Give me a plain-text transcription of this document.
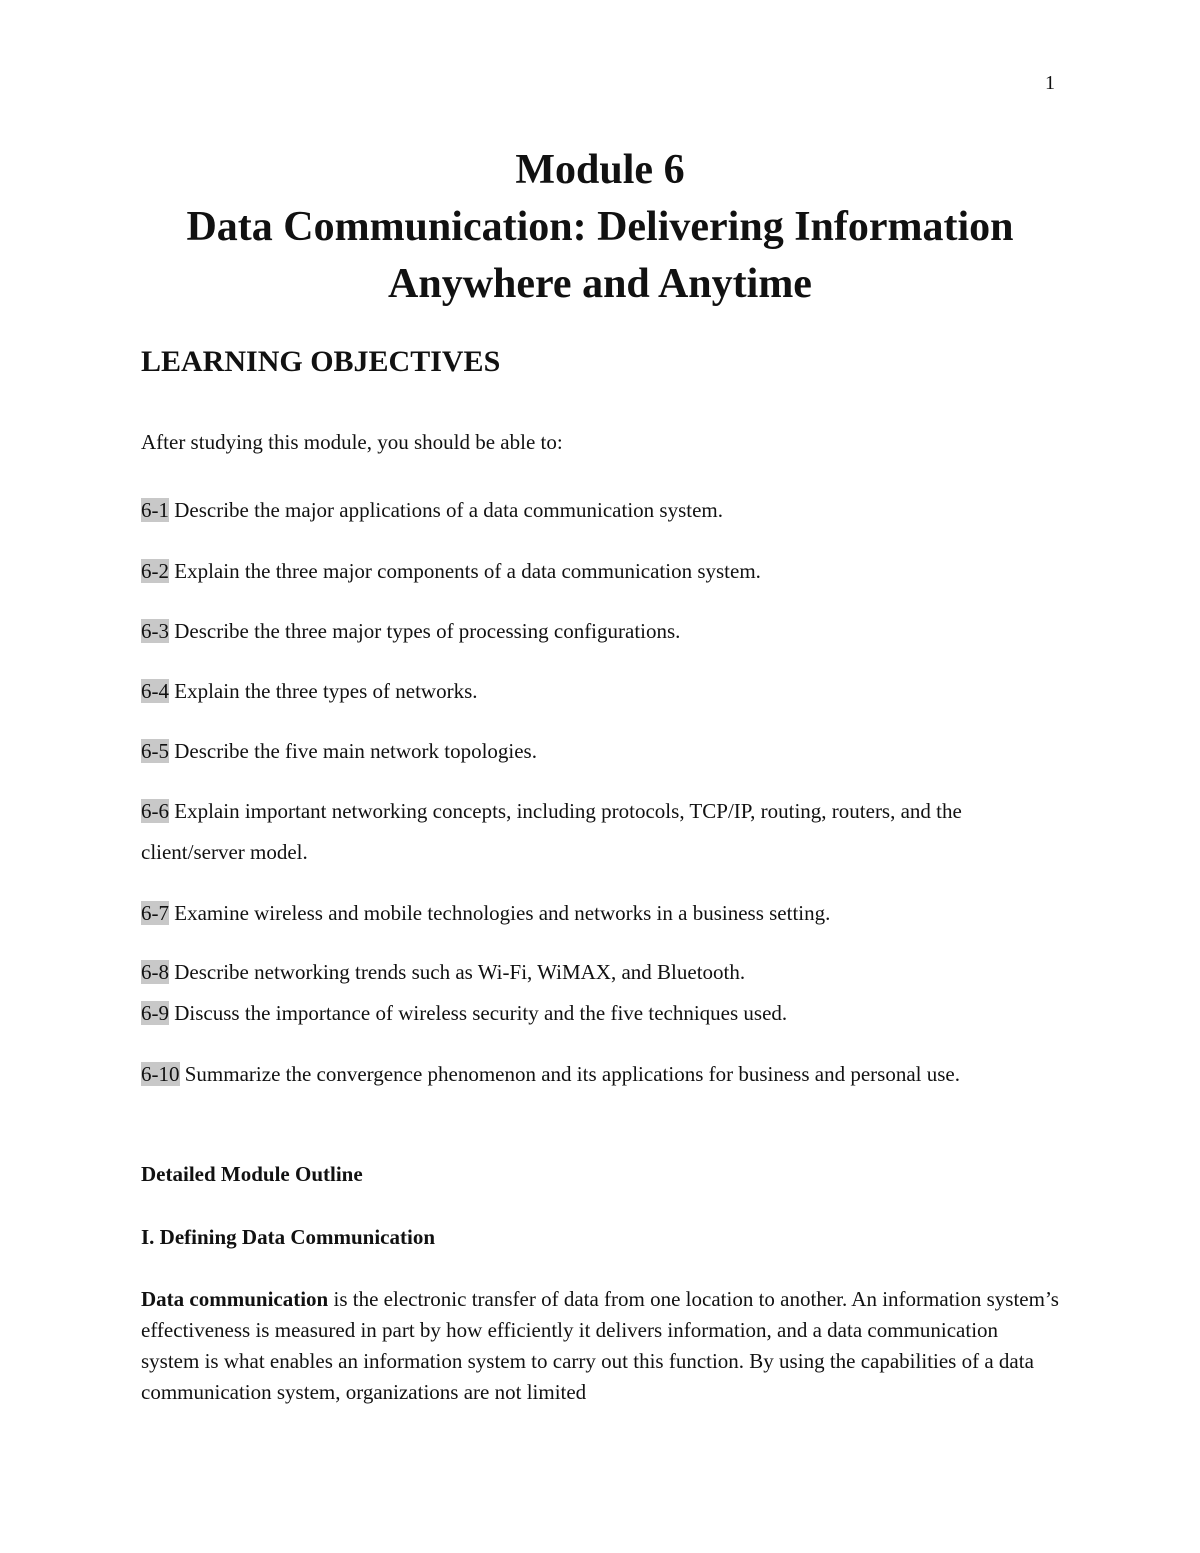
1
Module 6
Data Communication: Delivering Information
Anywhere and Anytime
LEARNING OBJECTIVES
After studying this module, you should be able to:
6-1 Describe the major applications of a data communication system.
6-2 Explain the three major components of a data communication system.
6-3 Describe the three major types of processing configurations.
6-4 Explain the three types of networks.
6-5 Describe the five main network topologies.
6-6 Explain important networking concepts, including protocols, TCP/IP, routing, routers, and the client/server model.
6-7 Examine wireless and mobile technologies and networks in a business setting.
6-8 Describe networking trends such as Wi-Fi, WiMAX, and Bluetooth.
6-9 Discuss the importance of wireless security and the five techniques used.
6-10 Summarize the convergence phenomenon and its applications for business and personal use.
Detailed Module Outline
I. Defining Data Communication
Data communication is the electronic transfer of data from one location to another. An information system’s effectiveness is measured in part by how efficiently it delivers information, and a data communication system is what enables an information system to carry out this function. By using the capabilities of a data communication system, organizations are not limited
